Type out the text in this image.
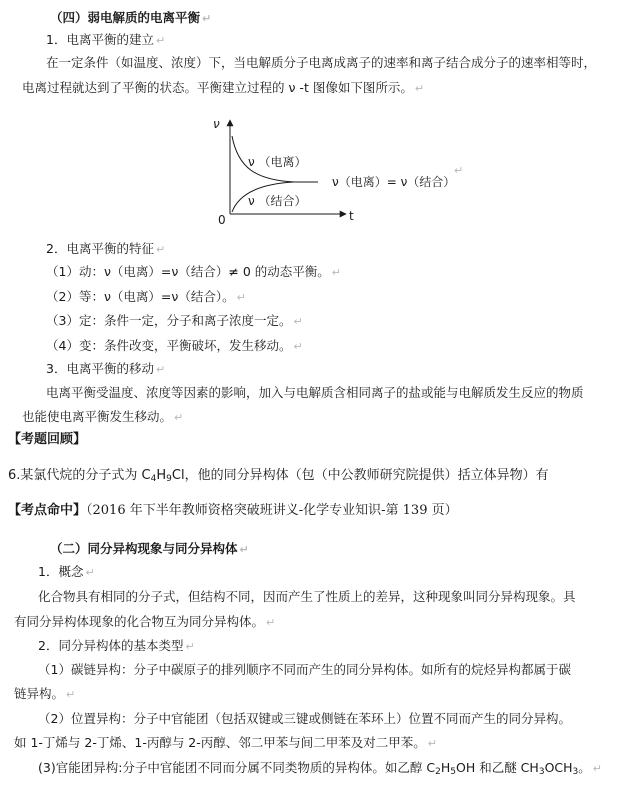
（四）弱电解质的电离平衡 ↵
1．电离平衡的建立 ↵
在一定条件（如温度、浓度）下，当电解质分子电离成离子的速率和离子结合成分子的速率相等时，
电离过程就达到了平衡的状态。平衡建立过程的 ν -t 图像如下图所示。 ↵
ν
t
0
ν （电离）
ν （结合）
ν（电离）= ν（结合）
↵
2．电离平衡的特征 ↵
（1）动：ν（电离）=ν（结合）≠ 0 的动态平衡。 ↵
（2）等：ν（电离）=ν（结合）。 ↵
（3）定：条件一定，分子和离子浓度一定。 ↵
（4）变：条件改变，平衡破坏，发生移动。 ↵
3．电离平衡的移动 ↵
电离平衡受温度、浓度等因素的影响，加入与电解质含相同离子的盐或能与电解质发生反应的物质
也能使电离平衡发生移动。 ↵
【考题回顾】
6.某氯代烷的分子式为 $C_4H_9Cl$，他的同分异构体（包（中公教师研究院提供）括立体异物）有
【考点命中】（2016 年下半年教师资格突破班讲义-化学专业知识-第 139 页）
（二）同分异构现象与同分异构体 ↵
1．概念 ↵
化合物具有相同的分子式，但结构不同，因而产生了性质上的差异，这种现象叫同分异构现象。具
有同分异构体现象的化合物互为同分异构体。 ↵
2．同分异构体的基本类型 ↵
（1）碳链异构：分子中碳原子的排列顺序不同而产生的同分异构体。如所有的烷烃异构都属于碳
链异构。 ↵
（2）位置异构：分子中官能团（包括双键或三键或侧链在苯环上）位置不同而产生的同分异构。
如 1-丁烯与 2-丁烯、1-丙醇与 2-丙醇、邻二甲苯与间二甲苯及对二甲苯。 ↵
(3)官能团异构:分子中官能团不同而分属不同类物质的异构体。如乙醇 $C_2H_5OH$ 和乙醚 $CH_3OCH_3$。 ↵
